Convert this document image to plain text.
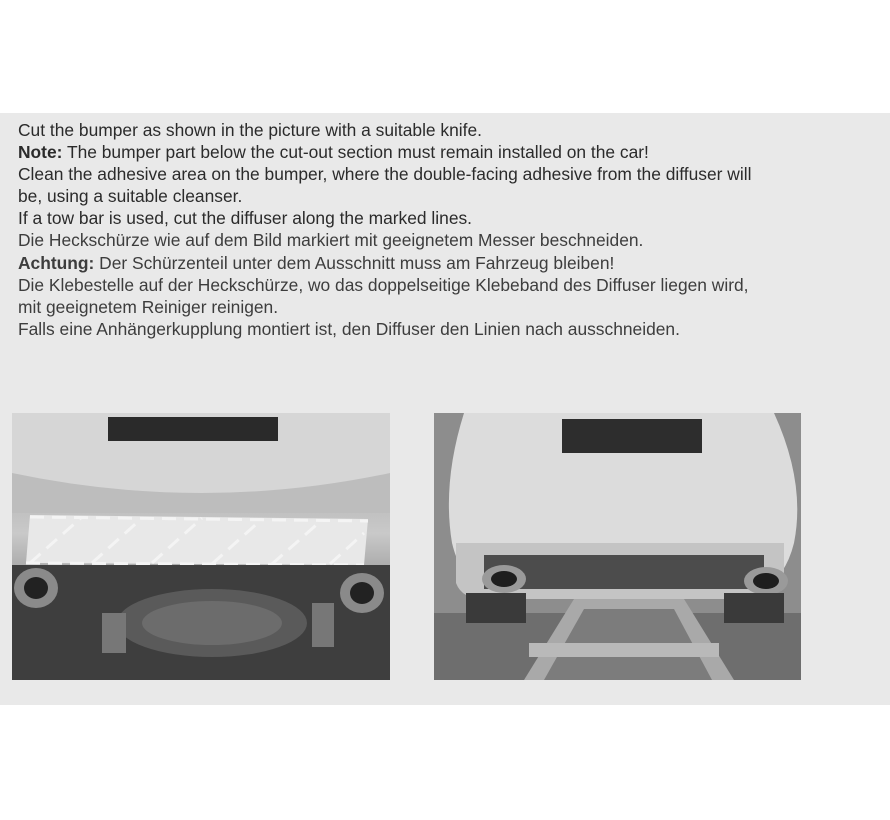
Cut the bumper as shown in the picture with a suitable knife.

Note: The bumper part below the cut-out section must remain installed on the car!

Clean the adhesive area on the bumper, where the double-facing adhesive from the diffuser will

be, using a suitable cleanser.

If a tow bar is used, cut the diffuser along the marked lines.

Die Heckschürze wie auf dem Bild markiert mit geeignetem Messer beschneiden.

Achtung: Der Schürzenteil unter dem Ausschnitt muss am Fahrzeug bleiben!

Die Klebestelle auf der Heckschürze, wo das doppelseitige Klebeband des Diffuser liegen wird,

mit geeignetem Reiniger reinigen.

Falls eine Anhängerkupplung montiert ist, den Diffuser den Linien nach ausschneiden.
